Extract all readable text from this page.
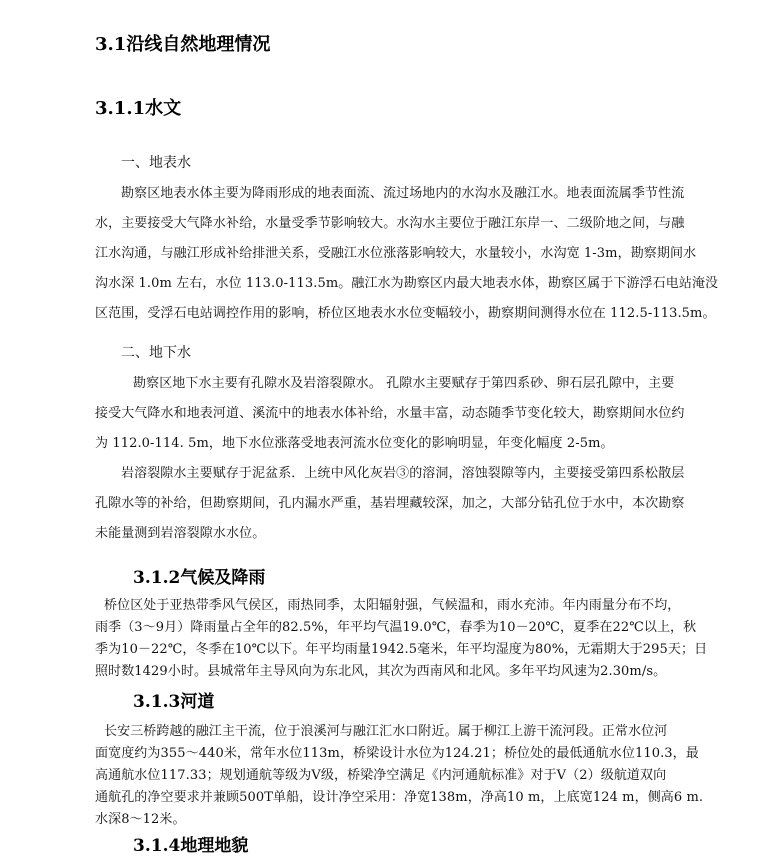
3.1沿线自然地理情况
3.1.1水文
一、地表水
勘察区地表水体主要为降雨形成的地表面流、流过场地内的水沟水及融江水。地表面流属季节性流
水，主要接受大气降水补给，水量受季节影响较大。水沟水主要位于融江东岸一、二级阶地之间，与融
江水沟通，与融江形成补给排泄关系，受融江水位涨落影响较大，水量较小，水沟宽 1-3m，勘察期间水
沟水深 1.0m 左右，水位 113.0-113.5m。融江水为勘察区内最大地表水体，勘察区属于下游浮石电站淹没
区范围，受浮石电站调控作用的影响，桥位区地表水水位变幅较小，勘察期间测得水位在 112.5-113.5m。
二、地下水
勘察区地下水主要有孔隙水及岩溶裂隙水。 孔隙水主要赋存于第四系砂、卵石层孔隙中，主要
接受大气降水和地表河道、溪流中的地表水体补给，水量丰富，动态随季节变化较大，勘察期间水位约
为 112.0-114. 5m，地下水位涨落受地表河流水位变化的影响明显，年变化幅度 2-5m。
岩溶裂隙水主要赋存于泥盆系．上统中风化灰岩③的溶洞，溶蚀裂隙等内，主要接受第四系松散层
孔隙水等的补给，但勘察期间，孔内漏水严重，基岩埋藏较深，加之，大部分钻孔位于水中，本次勘察
未能量测到岩溶裂隙水水位。
3.1.2气候及降雨
桥位区处于亚热带季风气侯区，雨热同季，太阳辐射强，气候温和，雨水充沛。年内雨量分布不均，
雨季（3～9月）降雨量占全年的82.5%，年平均气温19.0℃，春季为10－20℃，夏季在22℃以上，秋
季为10－22℃，冬季在10℃以下。年平均雨量1942.5毫米，年平均湿度为80%，无霜期大于295天；日
照时数1429小时。县城常年主导风向为东北风，其次为西南风和北风。多年平均风速为2.30m/s。
3.1.3河道
长安三桥跨越的融江主干流，位于浪溪河与融江汇水口附近。属于柳江上游干流河段。正常水位河
面宽度约为355～440米，常年水位113m，桥梁设计水位为124.21；桥位处的最低通航水位110.3，最
高通航水位117.33；规划通航等级为Ⅴ级，桥梁净空满足《内河通航标准》对于Ⅴ（2）级航道双向
通航孔的净空要求并兼顾500T单船，设计净空采用：净宽138m，净高10 m，上底宽124 m，侧高6 m.
水深8～12米。
3.1.4地理地貌
